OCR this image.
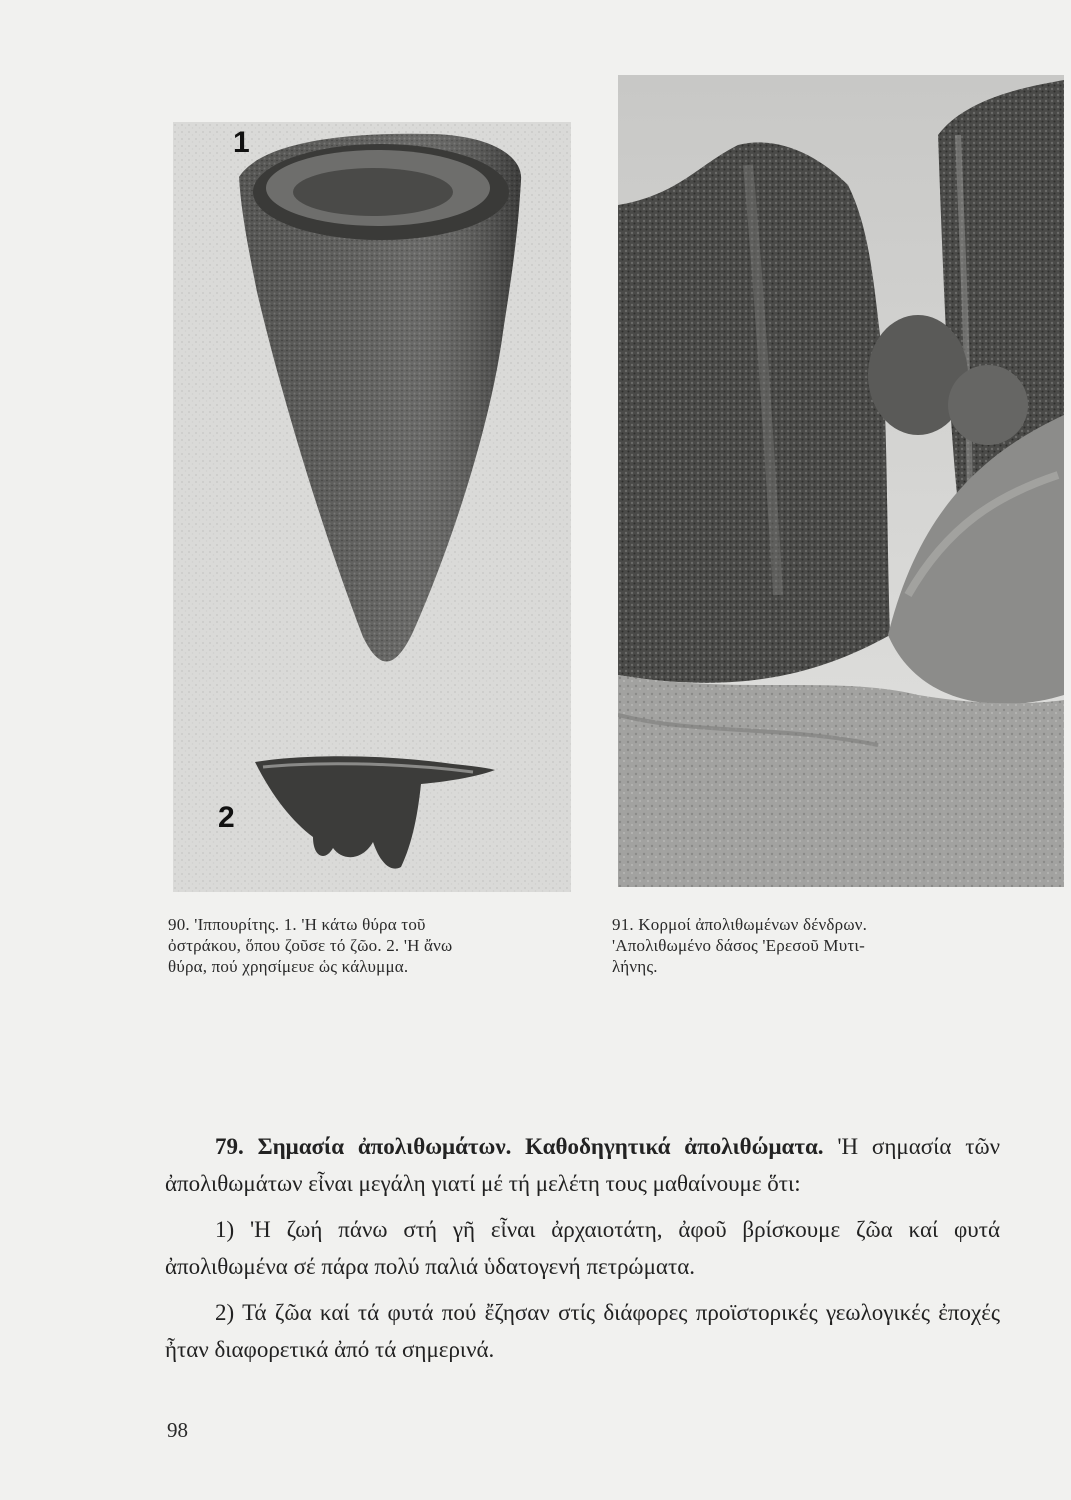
1
2
90. 'Ιππουρίτης. 1. 'Η κάτω θύρα τοῦ
ὀστράκου, ὅπου ζοῦσε τό ζῶο. 2. 'Η ἄνω
θύρα, πού χρησίμευε ὡς κάλυμμα.
91. Κορμοί ἀπολιθωμένων δένδρων.
'Απολιθωμένο δάσος 'Ερεσοῦ Μυτι-
λήνης.

79. Σημασία ἀπολιθωμάτων. Καθοδηγητικά ἀπολιθώματα. 'Η σημασία τῶν ἀπολιθωμάτων εἶναι μεγάλη γιατί μέ τή μελέτη τους μαθαίνουμε ὅτι:

1) 'Η ζωή πάνω στή γῆ εἶναι ἀρχαιοτάτη, ἀφοῦ βρίσκουμε ζῶα καί φυτά ἀπολιθωμένα σέ πάρα πολύ παλιά ὑδατογενή πετρώματα.

2) Τά ζῶα καί τά φυτά πού ἔζησαν στίς διάφορες προϊστορικές γεωλογικές ἐποχές ἦταν διαφορετικά ἀπό τά σημερινά.

98
